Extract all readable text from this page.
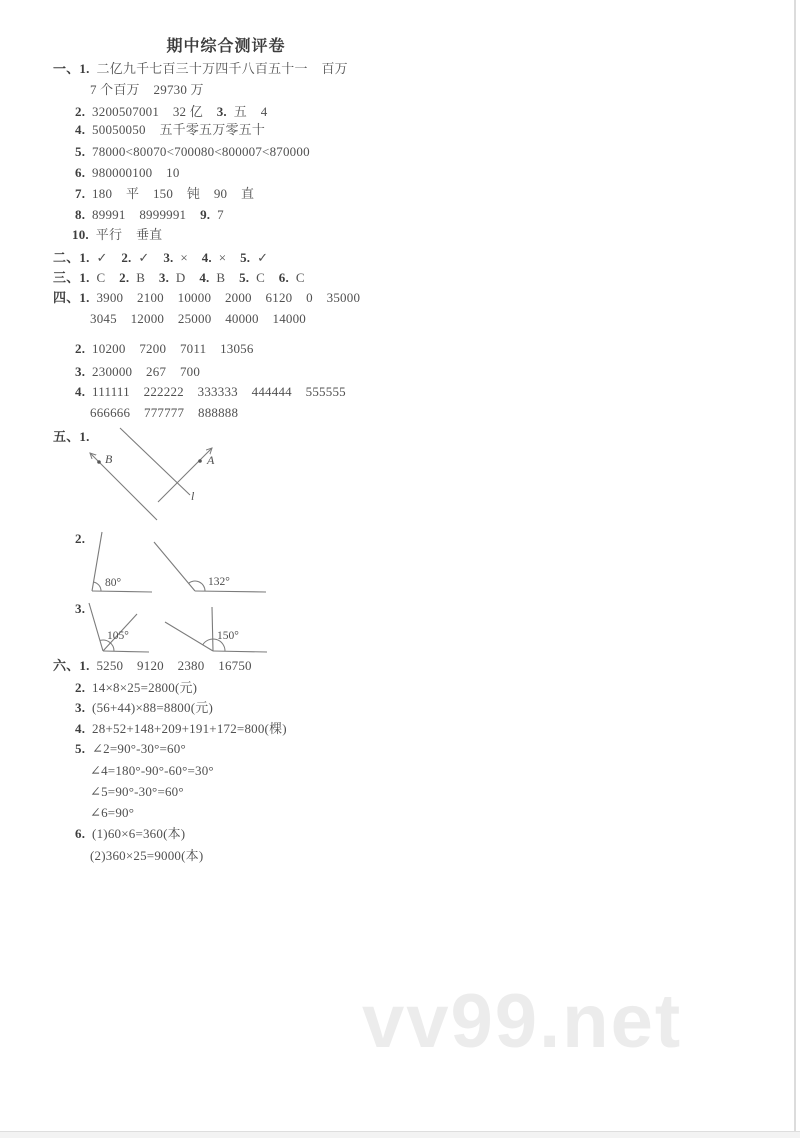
期中综合测评卷
一、1.  二亿九千七百三十万四千八百五十一    百万
7 个百万    29730 万
2.  3200507001    32 亿    3.  五    4
4.  50050050    五千零五万零五十
5.  78000<80070<700080<800007<870000
6.  980000100    10
7.  180    平    150    钝    90    直
8.  89991    8999991    9.  7
10.  平行    垂直
二、1.  ✓    2.  ✓    3.  ×    4.  ×    5.  ✓
三、1.  C    2.  B    3.  D    4.  B    5.  C    6.  C
四、1.  3900    2100    10000    2000    6120    0    35000
3045    12000    25000    40000    14000
2.  10200    7200    7011    13056
3.  230000    267    700
4.  111111    222222    333333    444444    555555
666666    777777    888888
五、1.
2.
3.
六、1.  5250    9120    2380    16750
2.  14×8×25=2800(元)
3.  (56+44)×88=8800(元)
4.  28+52+148+209+191+172=800(棵)
5.  ∠2=90°-30°=60°
∠4=180°-90°-60°=30°
∠5=90°-30°=60°
∠6=90°
6.  (1)60×6=360(本)
(2)360×25=9000(本)
l
B	A
80°	132°
105°	150°
vv99.net
